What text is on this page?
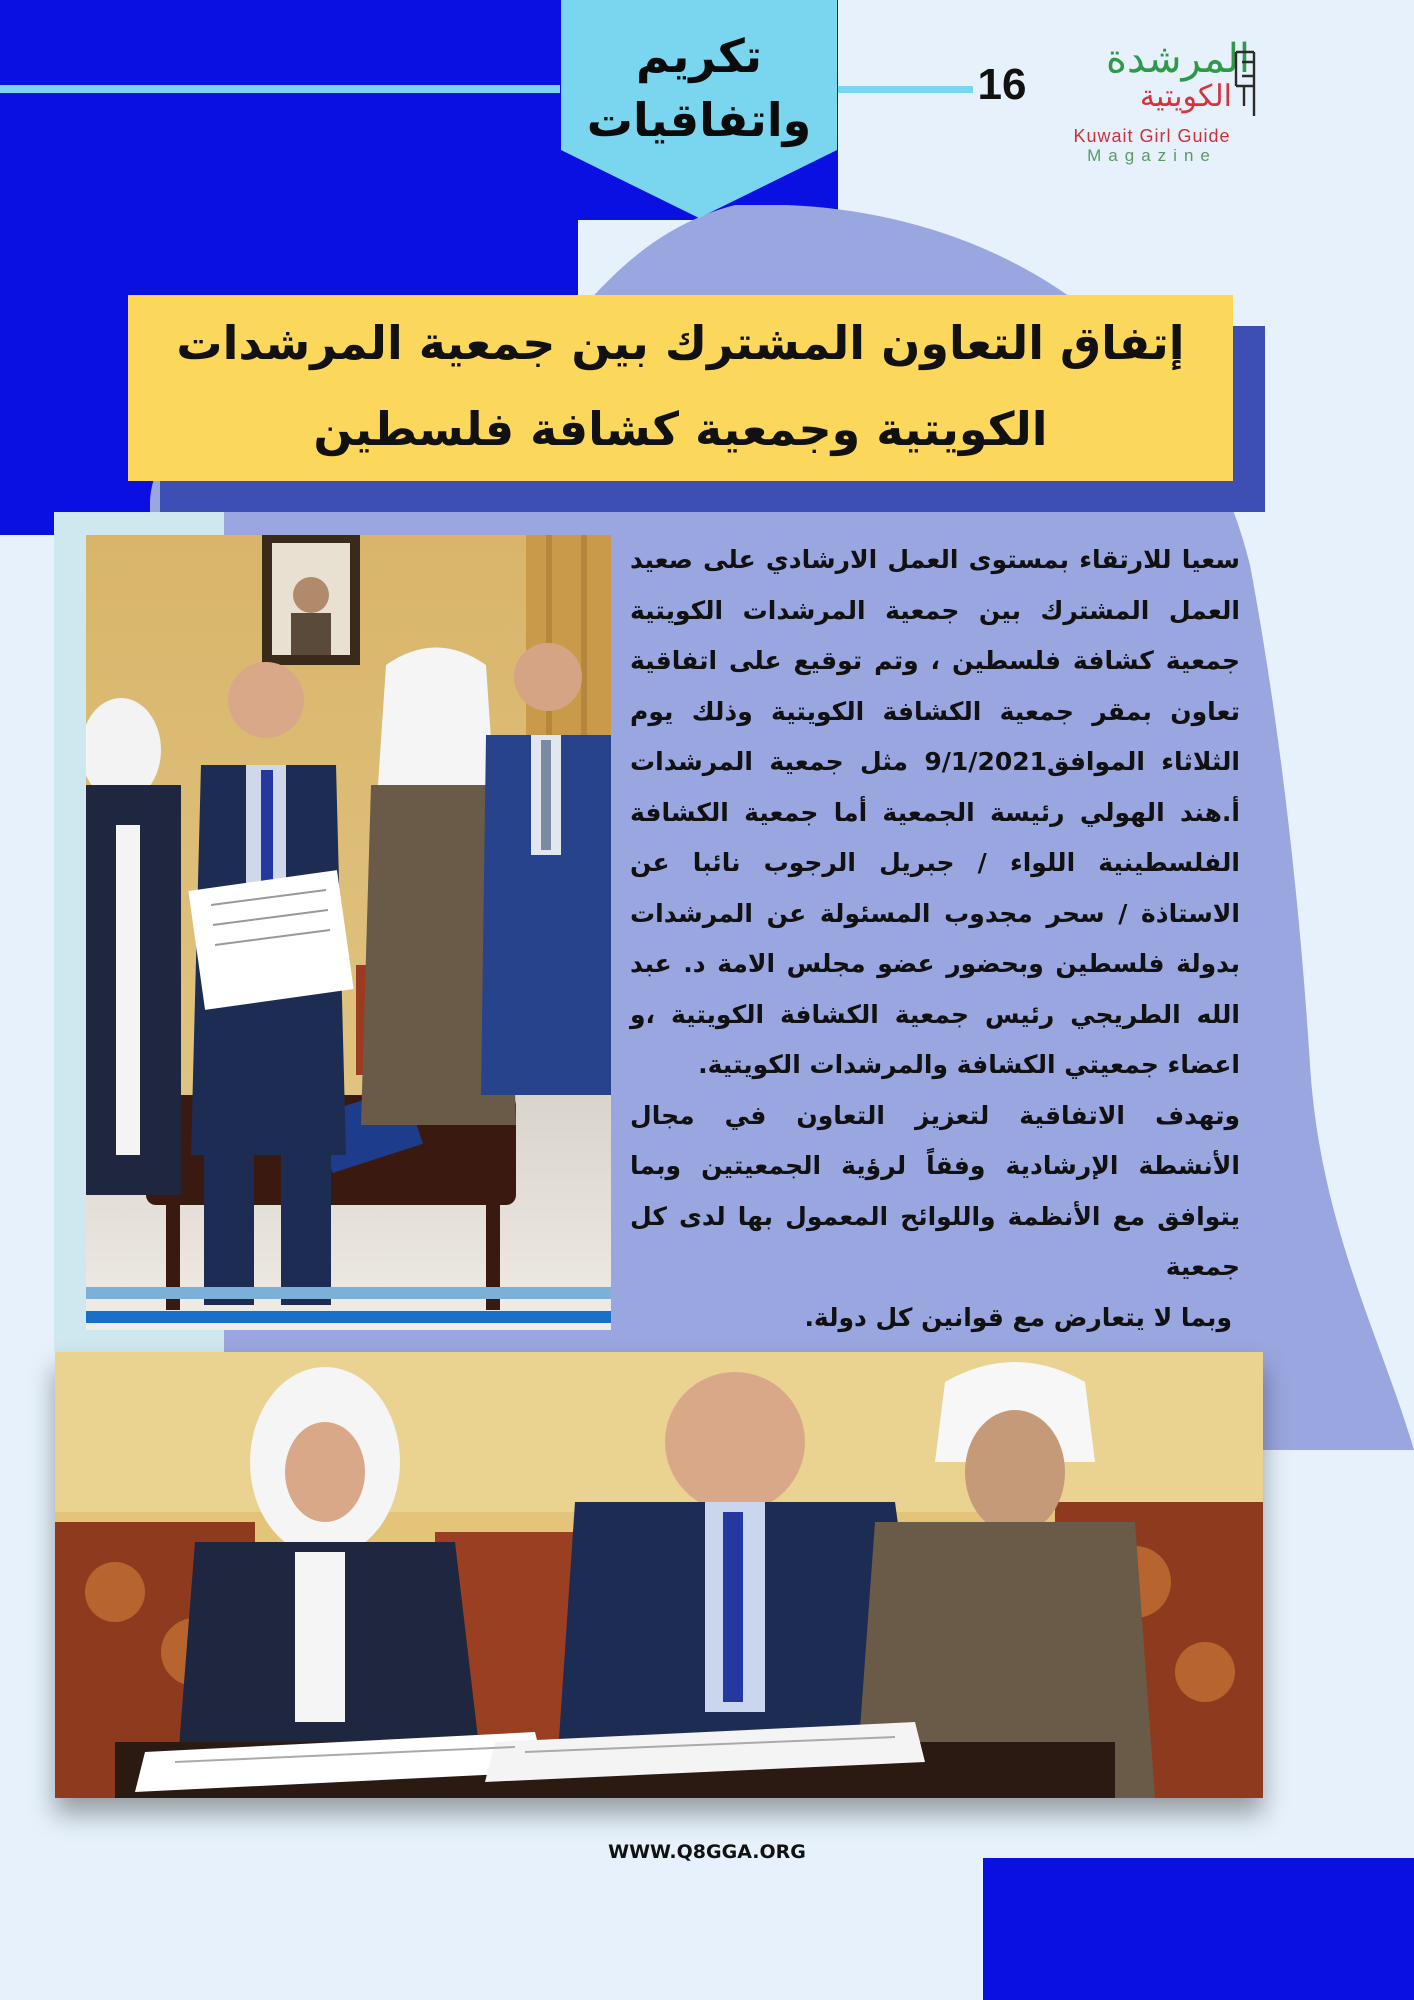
تكريم
واتفاقيات
16
المرشدة
الكويتية
Kuwait Girl Guide
Magazine
إتفاق التعاون المشترك بين جمعية المرشدات
الكويتية وجمعية كشافة فلسطين

سعيا للارتقاء بمستوى العمل الارشادي على صعيد العمل المشترك بين جمعية المرشدات الكويتية جمعية كشافة فلسطين ، وتم توقيع على اتفاقية تعاون بمقر جمعية الكشافة الكويتية وذلك يوم الثلاثاء الموافق9/1/2021 مثل جمعية المرشدات أ.هند الهولي رئيسة الجمعية أما جمعية الكشافة الفلسطينية اللواء / جبريل الرجوب نائبا عن الاستاذة / سحر مجدوب المسئولة عن المرشدات بدولة فلسطين وبحضور عضو مجلس الامة د. عبد الله الطريجي رئيس جمعية الكشافة الكويتية ،و اعضاء جمعيتي الكشافة والمرشدات الكويتية.

وتهدف الاتفاقية لتعزيز التعاون في مجال الأنشطة الإرشادية وفقاً لرؤية الجمعيتين وبما يتوافق مع الأنظمة واللوائح المعمول بها لدى كل جمعية

وبما لا يتعارض مع قوانين كل دولة.

WWW.Q8GGA.ORG
